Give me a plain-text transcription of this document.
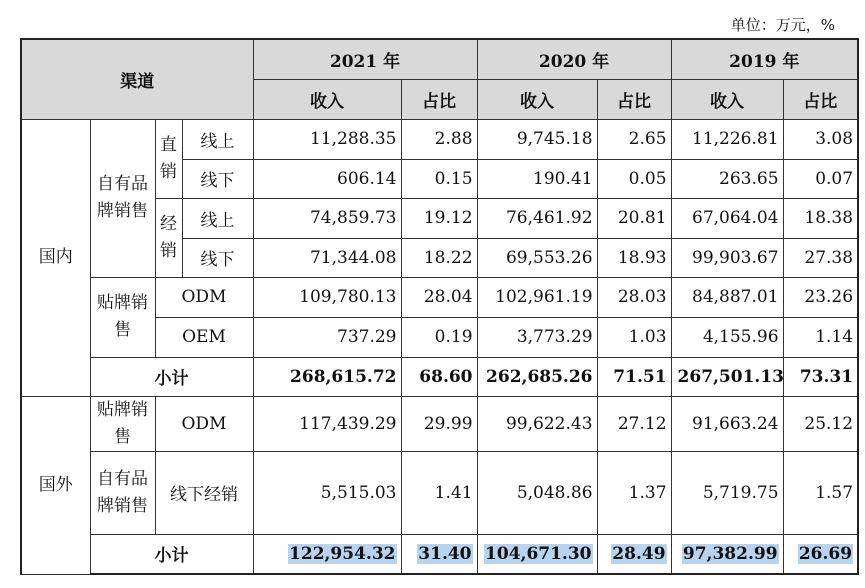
单位：万元，%
渠道				2021 年		2020 年		2019 年	
				收入	占比	收入	占比	收入	占比
国内	自有品牌销售	直销	线上	11,288.35	2.88	9,745.18	2.65	11,226.81	3.08
			线下	606.14	0.15	190.41	0.05	263.65	0.07
		经销	线上	74,859.73	19.12	76,461.92	20.81	67,064.04	18.38
			线下	71,344.08	18.22	69,553.26	18.93	99,903.67	27.38
	贴牌销售	ODM		109,780.13	28.04	102,961.19	28.03	84,887.01	23.26
		OEM		737.29	0.19	3,773.29	1.03	4,155.96	1.14
	小计			268,615.72	68.60	262,685.26	71.51	267,501.13	73.31
国外	贴牌销售	ODM		117,439.29	29.99	99,622.43	27.12	91,663.24	25.12
	自有品牌销售	线下经销		5,515.03	1.41	5,048.86	1.37	5,719.75	1.57
	小计			122,954.32	31.40	104,671.30	28.49	97,382.99	26.69
